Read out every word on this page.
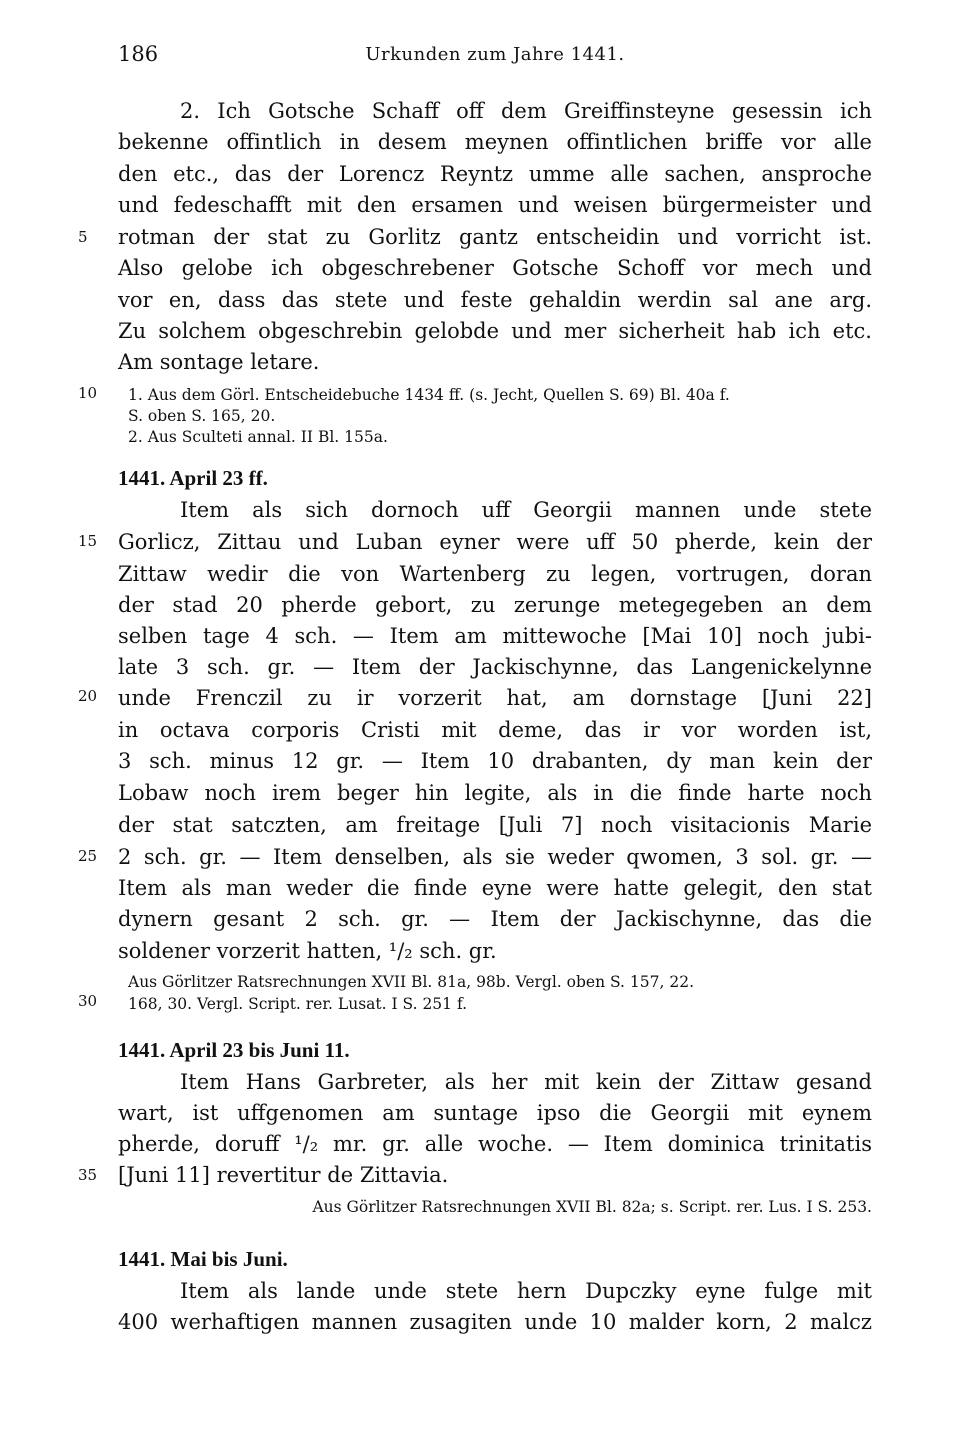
186	Urkunden zum Jahre 1441.
5
10
15
20
25
30
35
2. Ich Gotsche Schaff off dem Greiffinsteyne gesessin ich
bekenne offintlich in desem meynen offintlichen briffe vor alle
den etc., das der Lorencz Reyntz umme alle sachen, ansproche
und fedeschafft mit den ersamen und weisen bürgermeister und
rotman der stat zu Gorlitz gantz entscheidin und vorricht ist.
Also gelobe ich obgeschrebener Gotsche Schoff vor mech und
vor en, dass das stete und feste gehaldin werdin sal ane arg.
Zu solchem obgeschrebin gelobde und mer sicherheit hab ich etc.
Am sontage letare.
1. Aus dem Görl. Entscheidebuche 1434 ff. (s. Jecht, Quellen S. 69) Bl. 40a f.
S. oben S. 165, 20.
2. Aus Sculteti annal. II Bl. 155a.
1441. April 23 ff.
Item als sich dornoch uff Georgii mannen unde stete
Gorlicz, Zittau und Luban eyner were uff 50 pherde, kein der
Zittaw wedir die von Wartenberg zu legen, vortrugen, doran
der stad 20 pherde gebort, zu zerunge metegegeben an dem
selben tage 4 sch. — Item am mittewoche [Mai 10] noch jubi-
late 3 sch. gr. — Item der Jackischynne, das Langenickelynne
unde Frenczil zu ir vorzerit hat, am dornstage [Juni 22]
in octava corporis Cristi mit deme, das ir vor worden ist,
3 sch. minus 12 gr. — Item 10 drabanten, dy man kein der
Lobaw noch irem beger hin legite, als in die finde harte noch
der stat satczten, am freitage [Juli 7] noch visitacionis Marie
2 sch. gr. — Item denselben, als sie weder qwomen, 3 sol. gr. —
Item als man weder die finde eyne were hatte gelegit, den stat
dynern gesant 2 sch. gr. — Item der Jackischynne, das die
soldener vorzerit hatten, ¹/₂ sch. gr.
Aus Görlitzer Ratsrechnungen XVII Bl. 81a, 98b. Vergl. oben S. 157, 22.
168, 30. Vergl. Script. rer. Lusat. I S. 251 f.
1441. April 23 bis Juni 11.
Item Hans Garbreter, als her mit kein der Zittaw gesand
wart, ist uffgenomen am suntage ipso die Georgii mit eynem
pherde, doruff ¹/₂ mr. gr. alle woche. — Item dominica trinitatis
[Juni 11] revertitur de Zittavia.
Aus Görlitzer Ratsrechnungen XVII Bl. 82a; s. Script. rer. Lus. I S. 253.
1441. Mai bis Juni.
Item als lande unde stete hern Dupczky eyne fulge mit
400 werhaftigen mannen zusagiten unde 10 malder korn, 2 malcz
